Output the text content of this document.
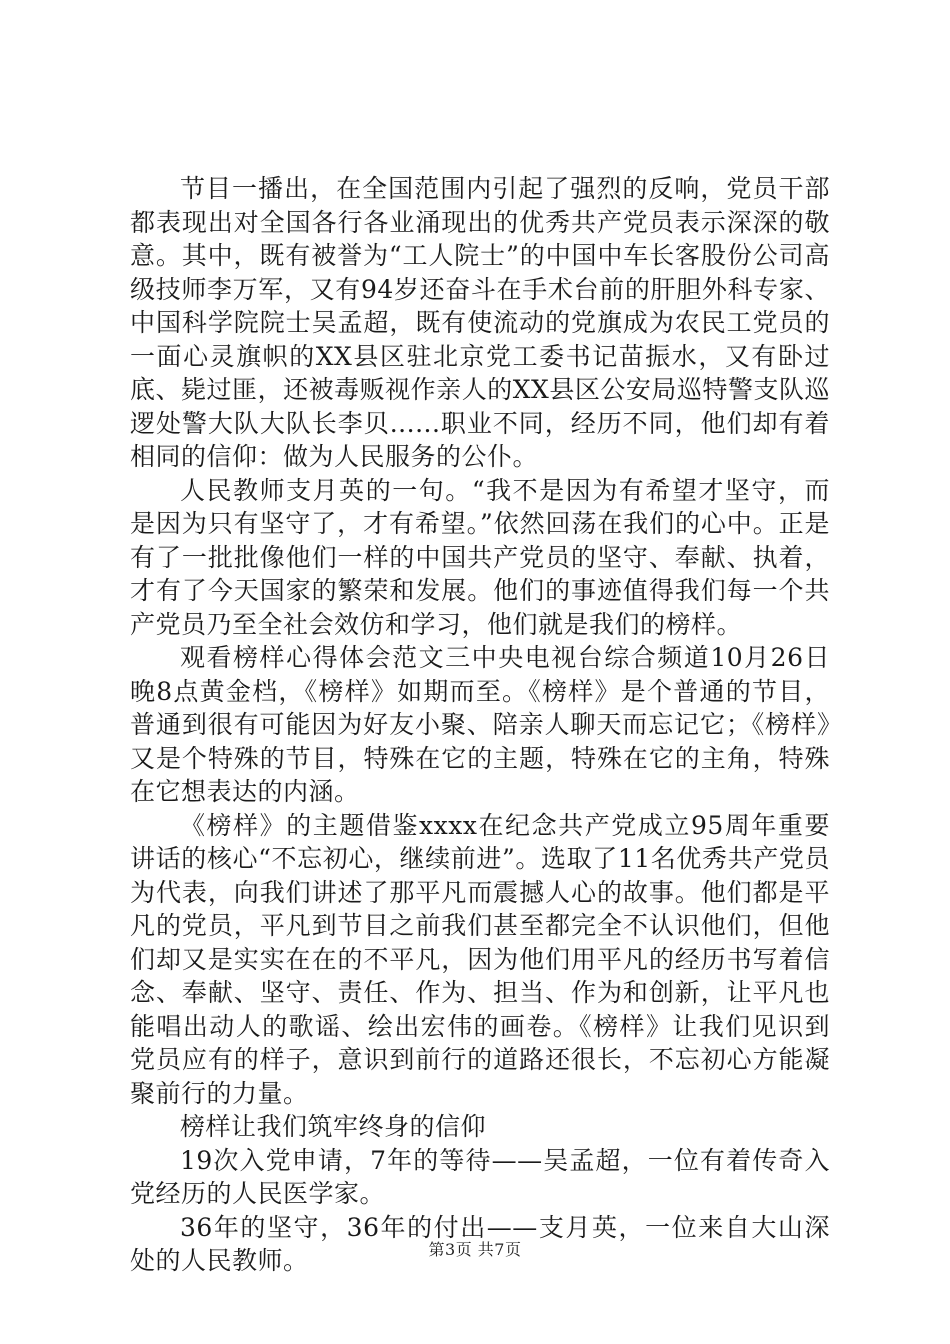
节目一播出，在全国范围内引起了强烈的反响，党员干部都表现出对全国各行各业涌现出的优秀共产党员表示深深的敬意。其中，既有被誉为“工人院士”的中国中车长客股份公司高级技师李万军，又有94岁还奋斗在手术台前的肝胆外科专家、中国科学院院士吴孟超，既有使流动的党旗成为农民工党员的一面心灵旗帜的XX县区驻北京党工委书记苗振水，又有卧过底、毙过匪，还被毒贩视作亲人的XX县区公安局巡特警支队巡逻处警大队大队长李贝......职业不同，经历不同，他们却有着相同的信仰：做为人民服务的公仆。

人民教师支月英的一句。“我不是因为有希望才坚守，而是因为只有坚守了，才有希望。”依然回荡在我们的心中。正是有了一批批像他们一样的中国共产党员的坚守、奉献、执着，才有了今天国家的繁荣和发展。他们的事迹值得我们每一个共产党员乃至全社会效仿和学习，他们就是我们的榜样。

观看榜样心得体会范文三中央电视台综合频道10月26日晚8点黄金档，《榜样》如期而至。《榜样》是个普通的节目，普通到很有可能因为好友小聚、陪亲人聊天而忘记它；《榜样》又是个特殊的节目，特殊在它的主题，特殊在它的主角，特殊在它想表达的内涵。

《榜样》的主题借鉴xxxx在纪念共产党成立95周年重要讲话的核心“不忘初心，继续前进”。选取了11名优秀共产党员为代表，向我们讲述了那平凡而震撼人心的故事。他们都是平凡的党员，平凡到节目之前我们甚至都完全不认识他们，但他们却又是实实在在的不平凡，因为他们用平凡的经历书写着信念、奉献、坚守、责任、作为、担当、作为和创新，让平凡也能唱出动人的歌谣、绘出宏伟的画卷。《榜样》让我们见识到党员应有的样子，意识到前行的道路还很长，不忘初心方能凝聚前行的力量。

榜样让我们筑牢终身的信仰

19次入党申请，7年的等待——吴孟超，一位有着传奇入党经历的人民医学家。

36年的坚守，36年的付出——支月英，一位来自大山深处的人民教师。	第3页 共7页
